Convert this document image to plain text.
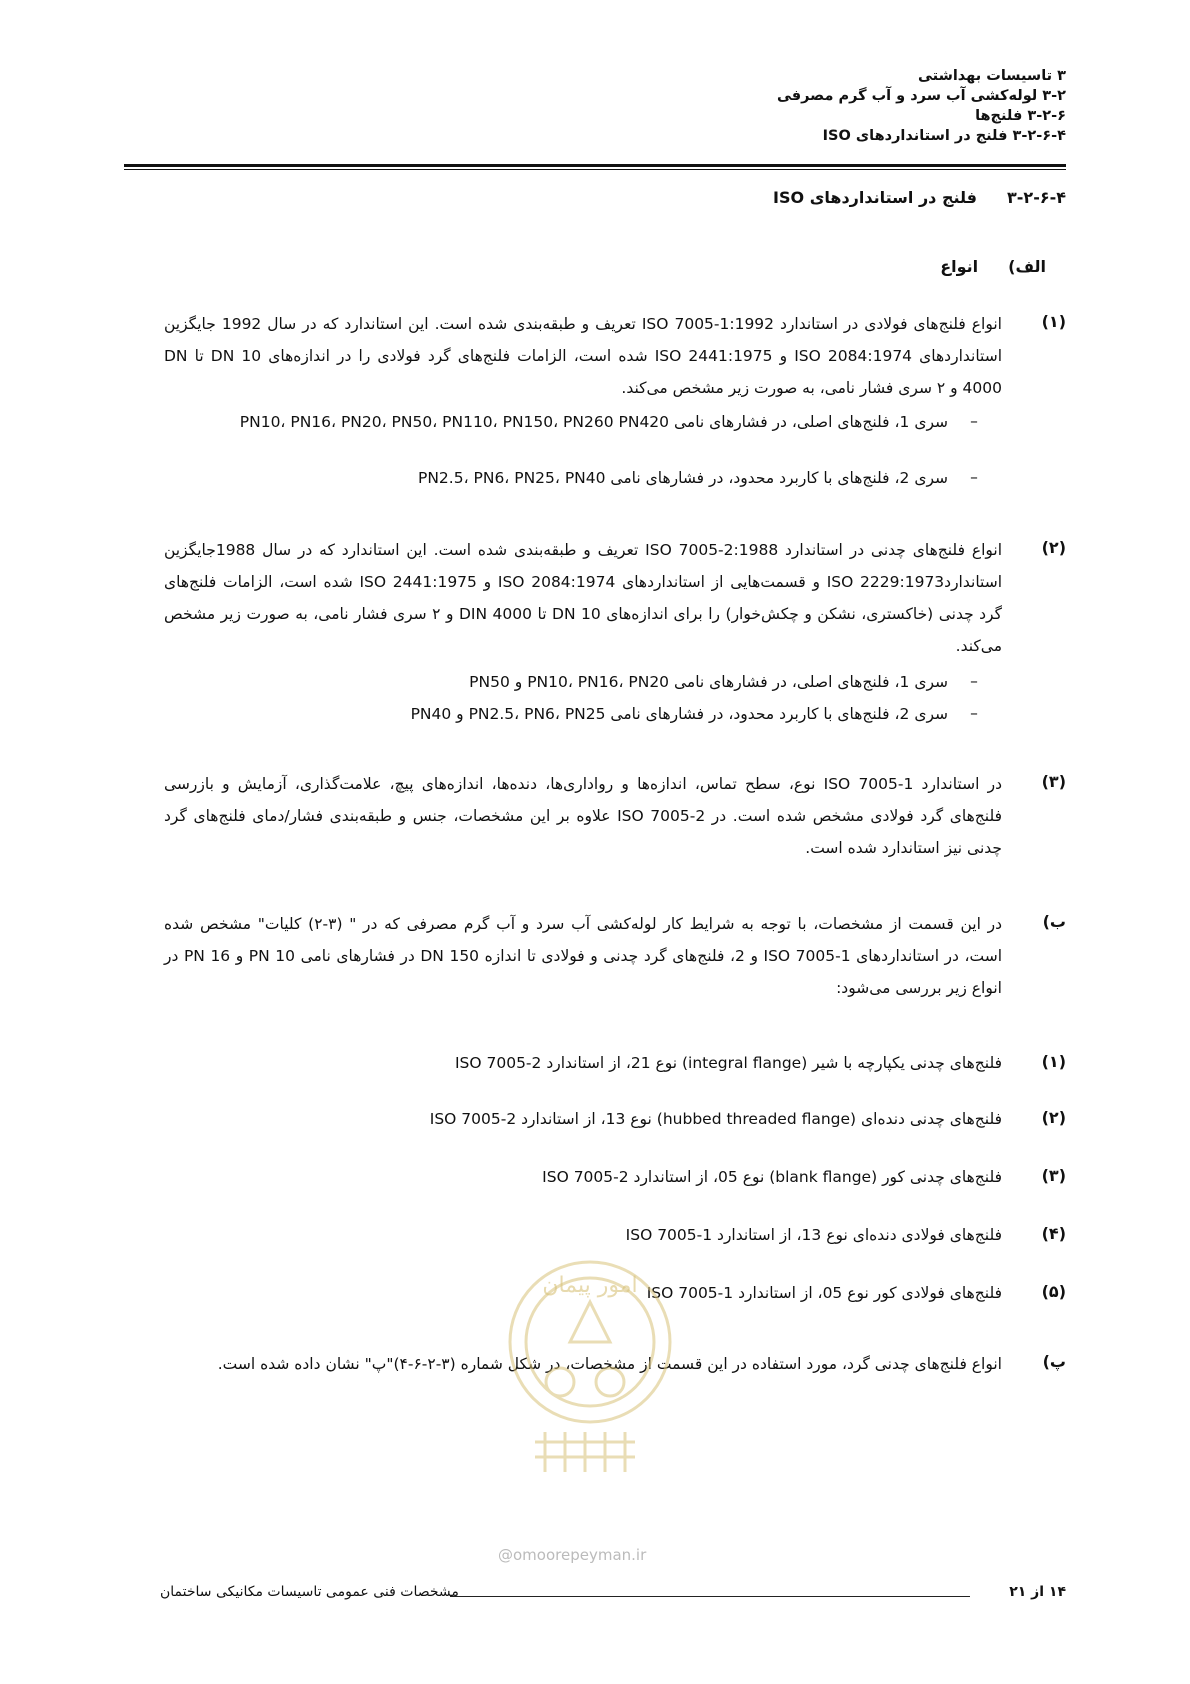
۳ تاسیسات بهداشتی
۳-۲ لوله‌کشی آب سرد و آب گرم مصرفی
۳-۲-۶ فلنج‌ها
۳-۲-۶-۴ فلنج در استانداردهای ISO
۳-۲-۶-۴فلنج در استانداردهای ISO
الف)انواع
(۱)
انواع فلنج‌های فولادی در استاندارد ISO 7005-1:1992 تعریف و طبقه‌بندی شده است. این استاندارد که در سال 1992 جایگزین استانداردهای ISO 2084:1974 و ISO 2441:1975 شده است، الزامات فلنج‌های گرد فولادی را در اندازه‌های DN 10 تا DN 4000 و ۲ سری فشار نامی، به صورت زیر مشخص می‌کند.
–
سری 1، فلنج‌های اصلی، در فشارهای نامی PN10، PN16، PN20، PN50، PN110، PN150، PN260 PN420
–
سری 2، فلنج‌های با کاربرد محدود، در فشارهای نامی PN2.5، PN6، PN25، PN40
(۲)
انواع فلنج‌های چدنی در استاندارد ISO 7005-2:1988 تعریف و طبقه‌بندی شده است. این استاندارد که در سال 1988جایگزین استاندارد2229:1973 ISO و قسمت‌هایی از استانداردهای ISO 2084:1974 و ISO 2441:1975 شده است، الزامات فلنج‌های گرد چدنی (خاکستری، نشکن و چکش‌خوار) را برای اندازه‌های DN 10 تا DIN 4000 و ۲ سری فشار نامی، به صورت زیر مشخص می‌کند.
–
سری 1، فلنج‌های اصلی، در فشارهای نامی PN10، PN16، PN20 و PN50
–
سری 2، فلنج‌های با کاربرد محدود، در فشارهای نامی PN2.5، PN6، PN25 و PN40
(۳)
در استاندارد ISO 7005-1 نوع، سطح تماس، اندازه‌ها و رواداری‌ها، دنده‌ها، اندازه‌های پیچ، علامت‌گذاری، آزمایش و بازرسی فلنج‌های گرد فولادی مشخص شده است. در ISO 7005-2 علاوه بر این مشخصات، جنس و طبقه‌بندی فشار/دمای فلنج‌های گرد چدنی نیز استاندارد شده است.
ب)
در این قسمت از مشخصات، با توجه به شرایط کار لوله‌کشی آب سرد و آب گرم مصرفی که در " (۳-۲) کلیات" مشخص شده است، در استانداردهای ISO 7005-1 و 2، فلنج‌های گرد چدنی و فولادی تا اندازه DN 150 در فشارهای نامی PN 10 و PN 16 در انواع زیر بررسی می‌شود:
(۱)
فلنج‌های چدنی یکپارچه با شیر (integral flange) نوع 21، از استاندارد ISO 7005-2
(۲)
فلنج‌های چدنی دنده‌ای (hubbed threaded flange) نوع 13، از استاندارد ISO 7005-2
(۳)
فلنج‌های چدنی کور (blank flange) نوع 05، از استاندارد ISO 7005-2
(۴)
فلنج‌های فولادی دنده‌ای نوع 13، از استاندارد ISO 7005-1
(۵)
فلنج‌های فولادی کور نوع 05، از استاندارد ISO 7005-1
پ)
انواع فلنج‌های چدنی گرد، مورد استفاده در این قسمت از مشخصات، در شکل شماره (۳-۲-۶-۴)"پ" نشان داده شده است.
امور پیمان
@omoorepeyman.ir
۱۴ از ۲۱
مشخصات فنی عمومی تاسیسات مکانیکی ساختمان
